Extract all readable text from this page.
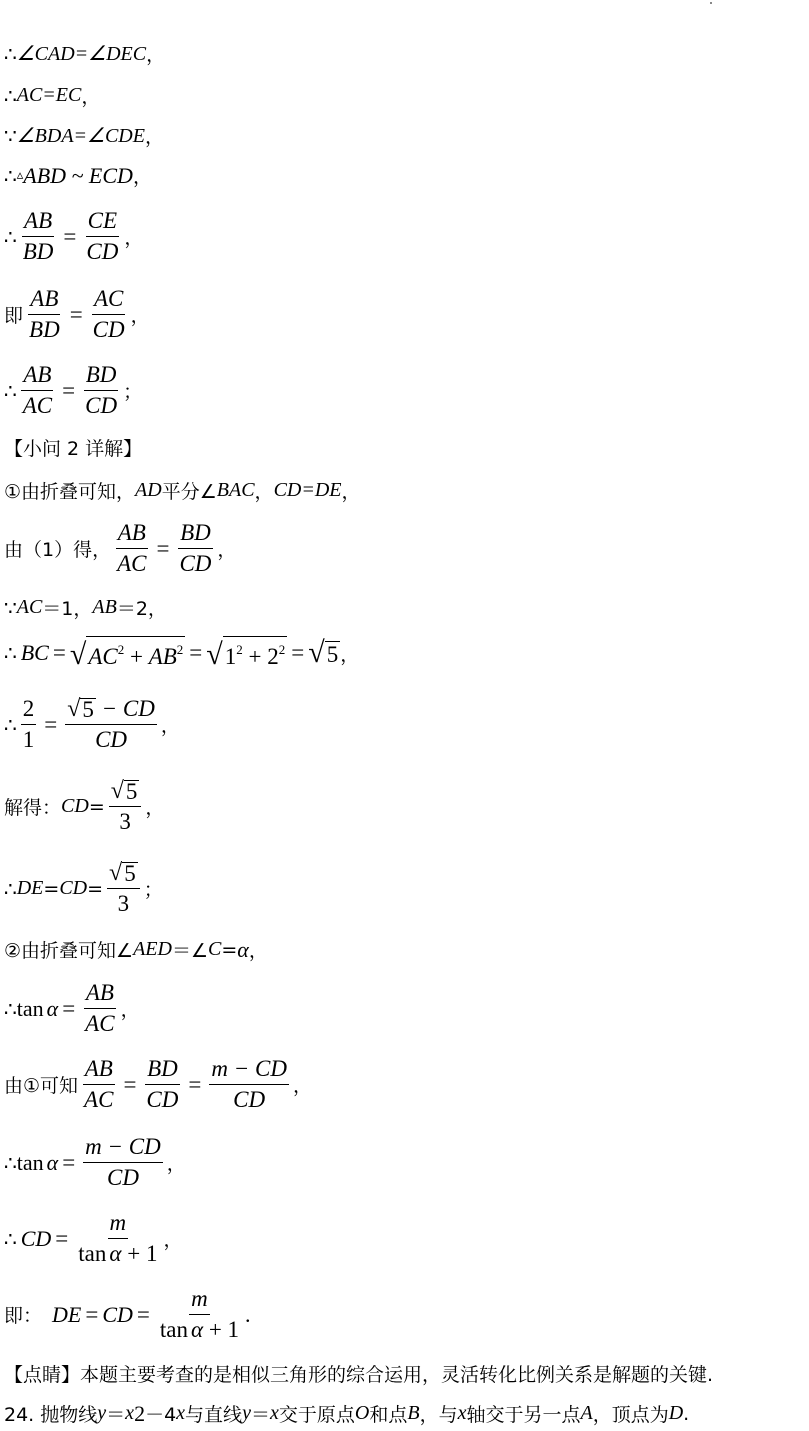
∴ ∠CAD=∠DEC ，
∴ AC=EC ，
∵ ∠BDA=∠CDE ，
∴ ▵ ABD ~ ECD ，
∴ $\frac{AB}{BD} = \frac{CE}{CD}$ ，
即 $\frac{AB}{BD} = \frac{AC}{CD}$ ，
∴ $\frac{AB}{AC} = \frac{BD}{CD}$ ；
【小问 2 详解】
①由折叠可知， AD 平分∠ BAC ， CD=DE ，
由（1）得， $\frac{AB}{AC} = \frac{BD}{CD}$ ，
∵ AC ＝1， AB ＝2，
∴ BC = √ $AC^2 + AB^2$ = √ $1^2 + 2^2$ = √ 5 ，
∴ $\frac{2}{1} = \frac{√ 5 - CD}{CD}$ ，
解得： CD = $\frac{√ 5}{3}$ ，
∴ DE = CD = $\frac{√ 5}{3}$ ；
②由折叠可知∠ AED ＝∠ C = α ，
∴ $\tan \alpha = \frac{AB}{AC}$ ，
由①可知 $\frac{AB}{AC} = \frac{BD}{CD} = \frac{m - CD}{CD}$ ，
∴ $\tan \alpha = \frac{m - CD}{CD}$ ，
∴ CD = $\frac{m}{\text{tan α + 1}}$ ，
即： DE = CD = $\frac{m}{\text{tan α + 1}}$ .
【点睛】本题主要考查的是相似三角形的综合运用，灵活转化比例关系是解题的关键.
24. 抛物线 y ＝ x 2 －4 x 与直线 y ＝ x 交于原点 O 和点 B ，与 x 轴交于另一点 A ，顶点为 D .
